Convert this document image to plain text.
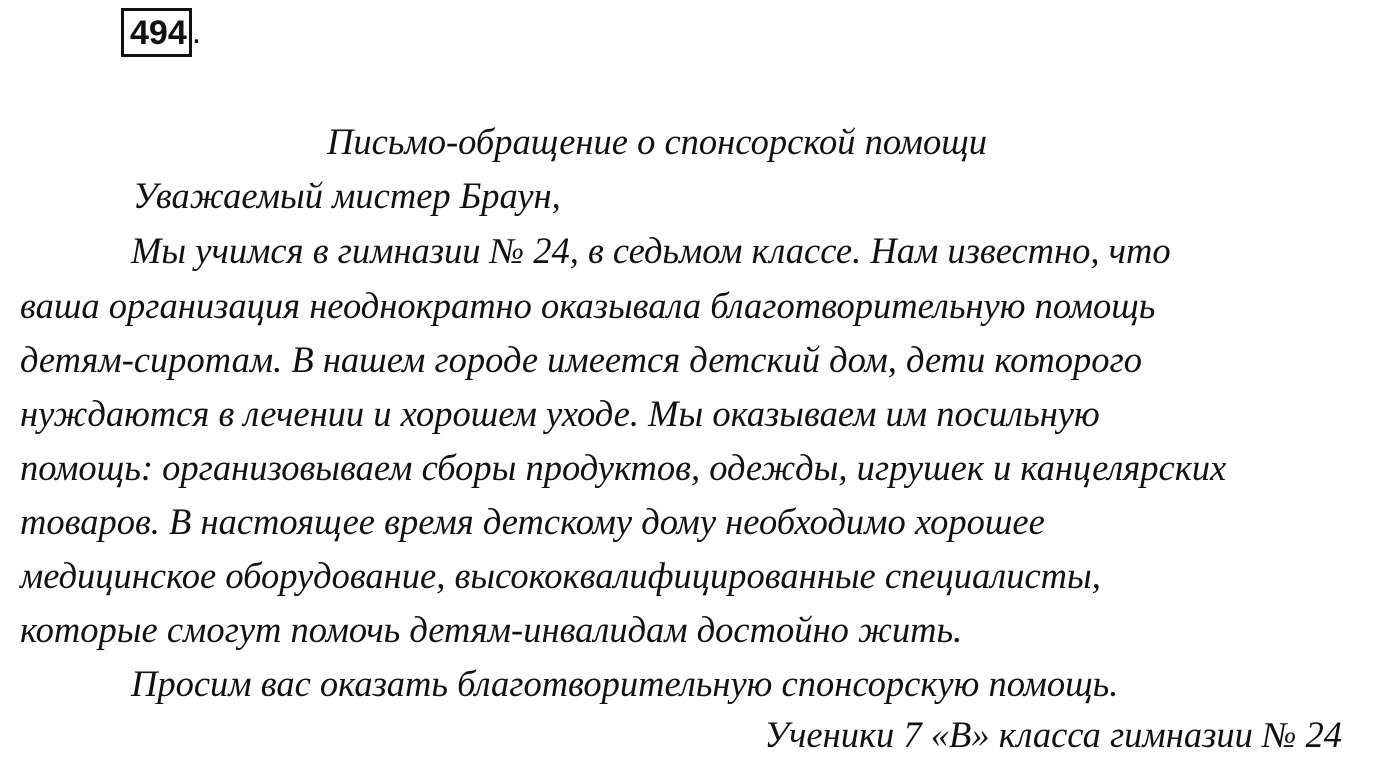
494 .
Письмо-обращение о спонсорской помощи
Уважаемый мистер Браун,
Мы учимся в гимназии № 24, в седьмом классе. Нам известно, что
ваша организация неоднократно оказывала благотворительную помощь
детям-сиротам. В нашем городе имеется детский дом, дети которого
нуждаются в лечении и хорошем уходе. Мы оказываем им посильную
помощь: организовываем сборы продуктов, одежды, игрушек и канцелярских
товаров. В настоящее время детскому дому необходимо хорошее
медицинское оборудование, высококвалифицированные специалисты,
которые смогут помочь детям-инвалидам достойно жить.
Просим вас оказать благотворительную спонсорскую помощь.
Ученики 7 «В» класса гимназии № 24
